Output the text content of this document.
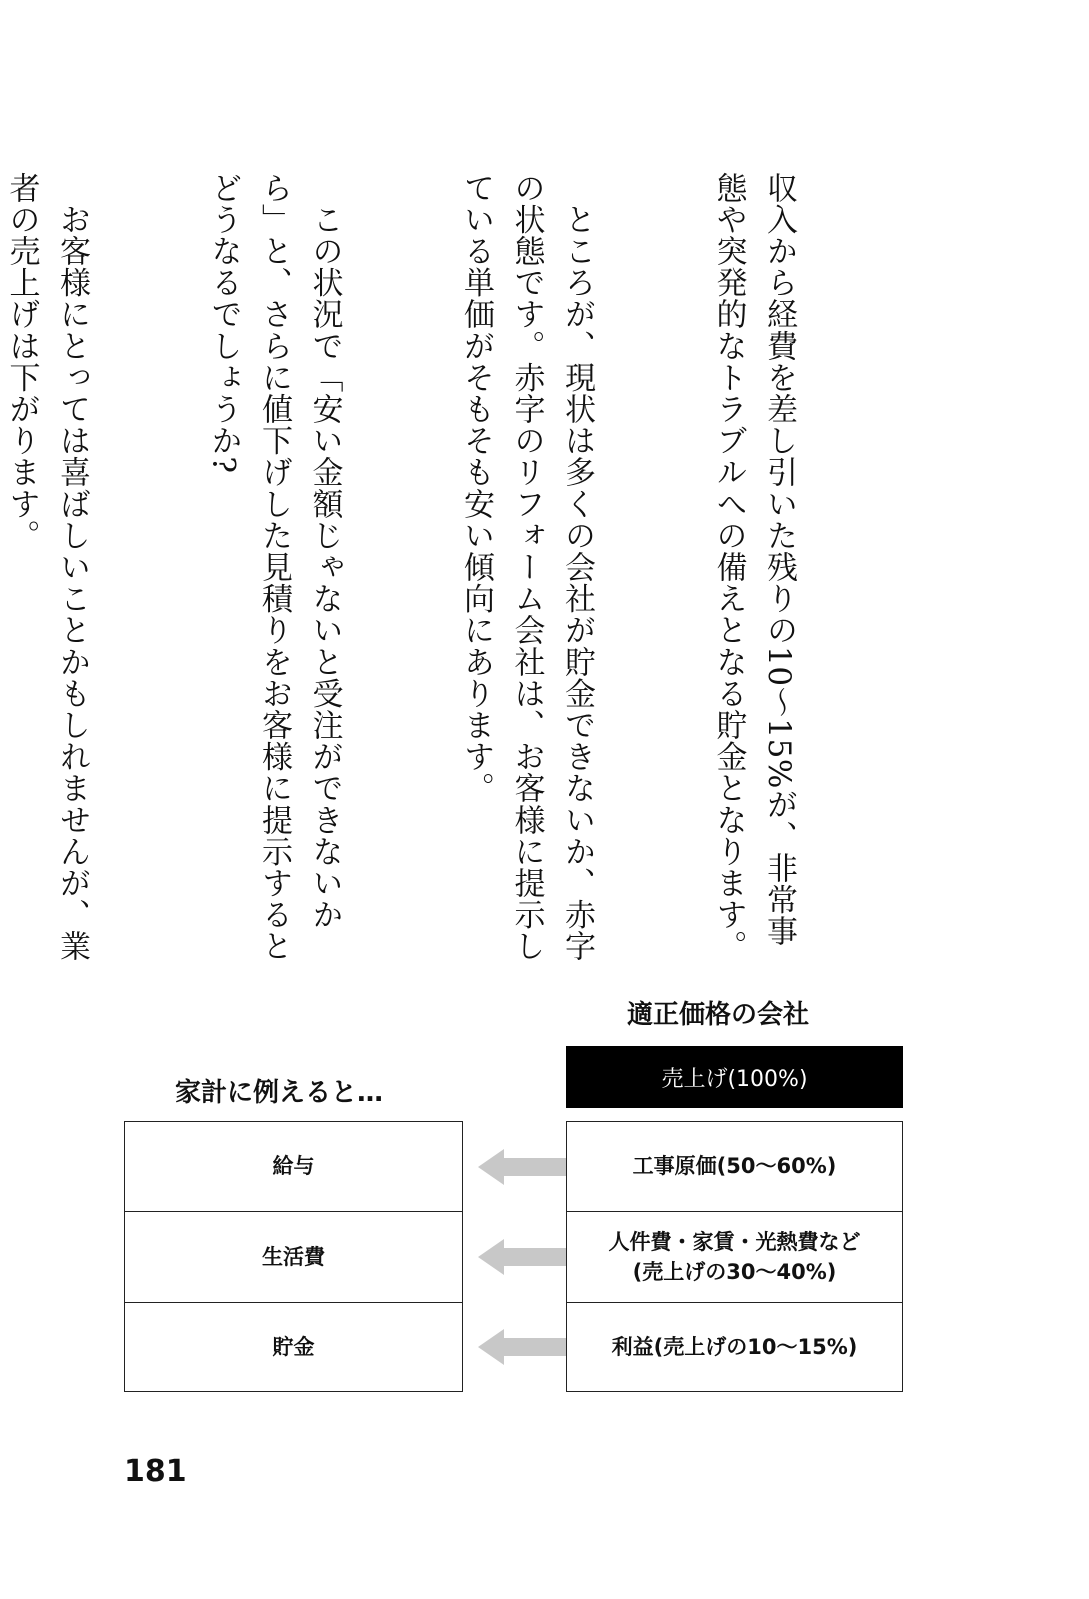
収入から経費を差し引いた残りの10〜15%が、非常事態や突発的なトラブルへの備えとなる貯金となります。

　ところが、現状は多くの会社が貯金できないか、赤字の状態です。赤字のリフォーム会社は、お客様に提示している単価がそもそも安い傾向にあります。

　この状況で「安い金額じゃないと受注ができないから」と、さらに値下げした見積りをお客様に提示するとどうなるでしょうか?

　お客様にとっては喜ばしいことかもしれませんが、業者の売上げは下がります。

適正価格の会社
家計に例えると…	売上げ(100%)
工事原価(50〜60%)
人件費・家賃・光熱費など
(売上げの30〜40%)
利益(売上げの10〜15%)
給与
生活費
貯金
181
